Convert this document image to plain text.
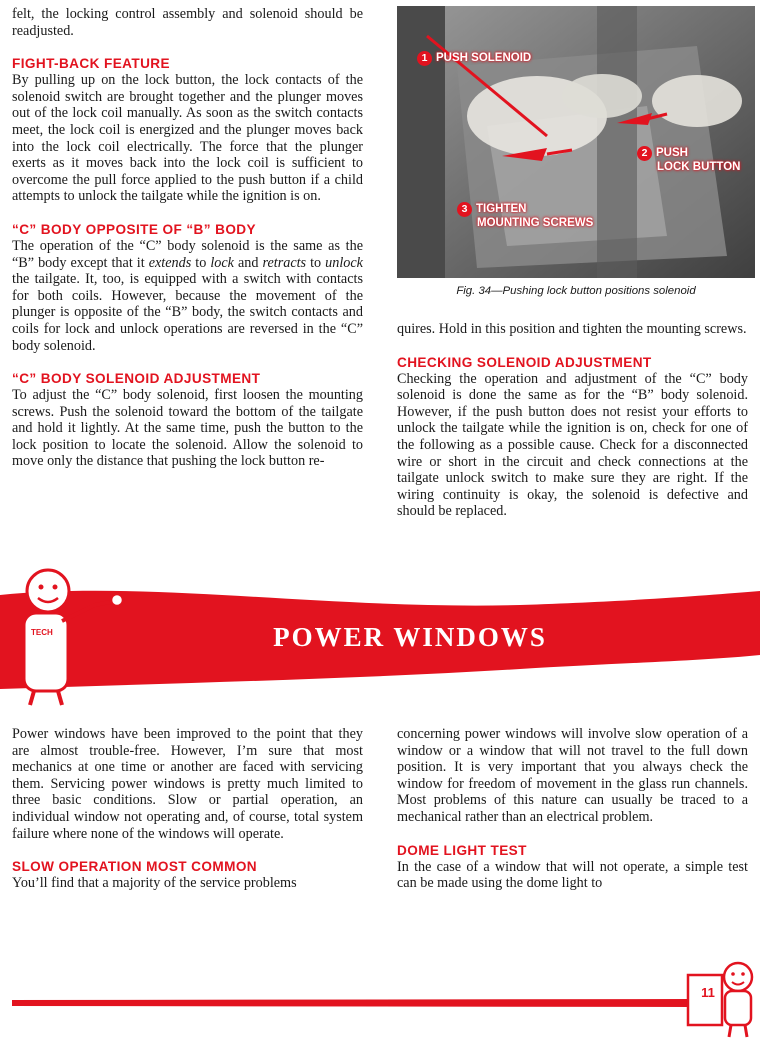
felt, the locking control assembly and solenoid should be readjusted.

FIGHT-BACK FEATURE

By pulling up on the lock button, the lock contacts of the solenoid switch are brought together and the plunger moves out of the lock coil manually. As soon as the switch contacts meet, the lock coil is energized and the plunger moves back into the lock coil electrically. The force that the plunger exerts as it moves back into the lock coil is sufficient to overcome the pull force applied to the push button if a child attempts to unlock the tailgate while the ignition is on.

“C” BODY OPPOSITE OF “B” BODY

The operation of the “C” body solenoid is the same as the “B” body except that it extends to lock and retracts to unlock the tailgate. It, too, is equipped with a switch with contacts for both coils. However, because the movement of the plunger is opposite of the “B” body, the switch contacts and coils for lock and unlock operations are reversed in the “C” body solenoid.

“C” BODY SOLENOID ADJUSTMENT

To adjust the “C” body solenoid, first loosen the mounting screws. Push the solenoid toward the bottom of the tailgate and hold it lightly. At the same time, push the button to the lock position to locate the solenoid. Allow the solenoid to move only the distance that pushing the lock button re-

1 PUSH SOLENOID
2 PUSH
LOCK BUTTON
3 TIGHTEN
MOUNTING SCREWS
Fig. 34—Pushing lock button positions solenoid

quires. Hold in this position and tighten the mounting screws.

CHECKING SOLENOID ADJUSTMENT

Checking the operation and adjustment of the “C” body solenoid is done the same as for the “B” body solenoid. However, if the push button does not resist your efforts to unlock the tailgate while the ignition is on, check for one of the following as a possible cause. Check for a disconnected wire or short in the circuit and check connections at the tailgate unlock switch to make sure they are right. If the wiring continuity is okay, the solenoid is defective and should be replaced.

TECH	POWER WINDOWS

Power windows have been improved to the point that they are almost trouble-free. However, I’m sure that most mechanics at one time or another are faced with servicing them. Servicing power windows is pretty much limited to three basic conditions. Slow or partial operation, an individual window not operating and, of course, total system failure where none of the windows will operate.

SLOW OPERATION MOST COMMON

You’ll find that a majority of the service problems

concerning power windows will involve slow operation of a window or a window that will not travel to the full down position. It is very important that you always check the window for freedom of movement in the glass run channels. Most problems of this nature can usually be traced to a mechanical rather than an electrical problem.

DOME LIGHT TEST

In the case of a window that will not operate, a simple test can be made using the dome light to

11
